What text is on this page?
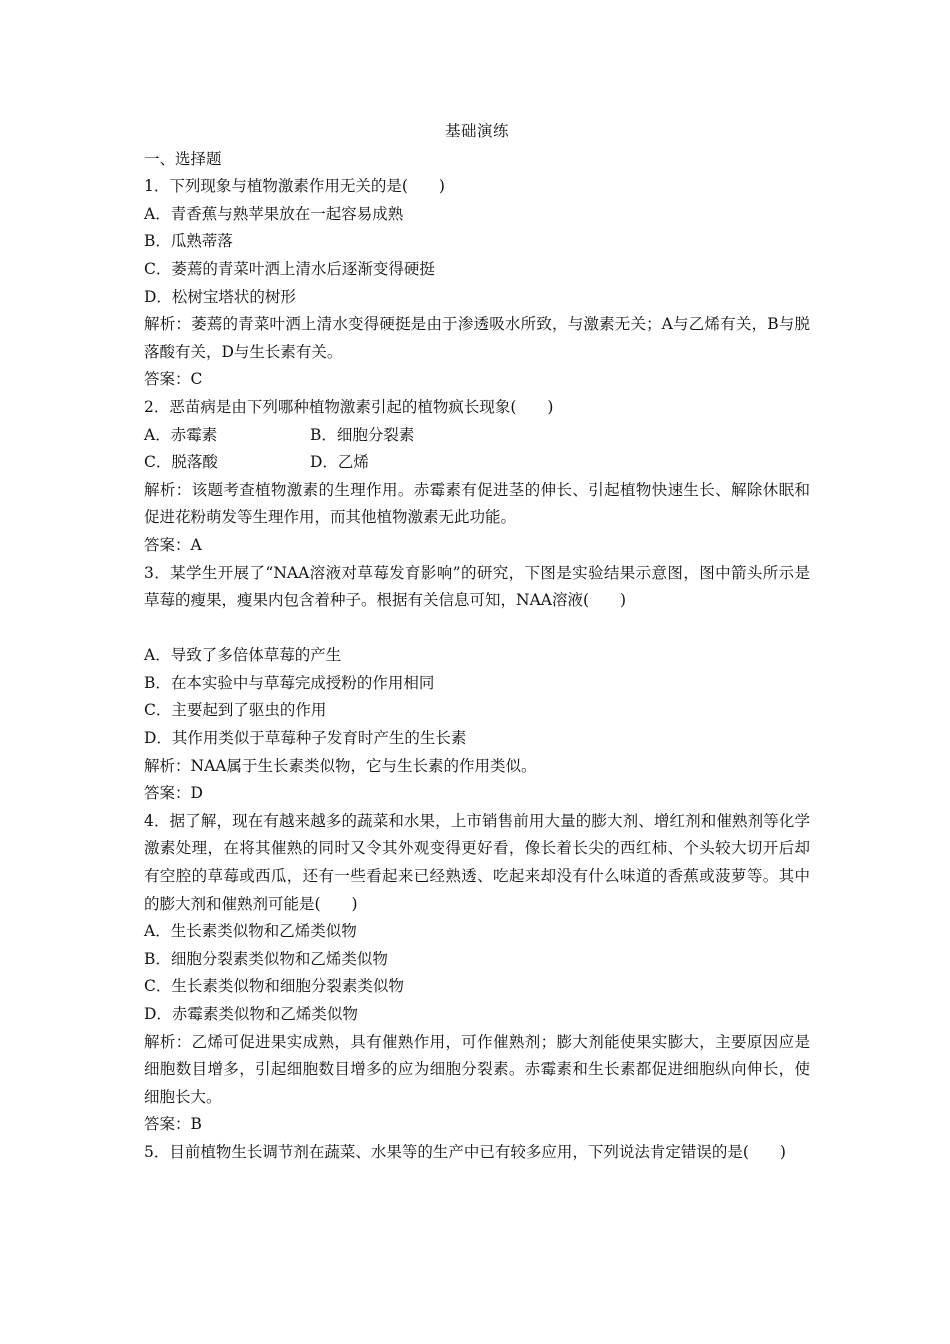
基础演练
一、选择题
1．下列现象与植物激素作用无关的是(　　)
A．青香蕉与熟苹果放在一起容易成熟
B．瓜熟蒂落
C．萎蔫的青菜叶洒上清水后逐渐变得硬挺
D．松树宝塔状的树形
解析：萎蔫的青菜叶洒上清水变得硬挺是由于渗透吸水所致，与激素无关；A与乙烯有关，B与脱落酸有关，D与生长素有关。
答案：C
2．恶苗病是由下列哪种植物激素引起的植物疯长现象(　　)
A．赤霉素	B．细胞分裂素
C．脱落酸	D．乙烯
解析：该题考查植物激素的生理作用。赤霉素有促进茎的伸长、引起植物快速生长、解除休眠和促进花粉萌发等生理作用，而其他植物激素无此功能。
答案：A
3．某学生开展了“NAA溶液对草莓发育影响”的研究，下图是实验结果示意图，图中箭头所示是草莓的瘦果，瘦果内包含着种子。根据有关信息可知，NAA溶液(　　)
A．导致了多倍体草莓的产生
B．在本实验中与草莓完成授粉的作用相同
C．主要起到了驱虫的作用
D．其作用类似于草莓种子发育时产生的生长素
解析：NAA属于生长素类似物，它与生长素的作用类似。
答案：D
4．据了解，现在有越来越多的蔬菜和水果，上市销售前用大量的膨大剂、增红剂和催熟剂等化学激素处理，在将其催熟的同时又令其外观变得更好看，像长着长尖的西红柿、个头较大切开后却有空腔的草莓或西瓜，还有一些看起来已经熟透、吃起来却没有什么味道的香蕉或菠萝等。其中的膨大剂和催熟剂可能是(　　)
A．生长素类似物和乙烯类似物
B．细胞分裂素类似物和乙烯类似物
C．生长素类似物和细胞分裂素类似物
D．赤霉素类似物和乙烯类似物
解析：乙烯可促进果实成熟，具有催熟作用，可作催熟剂；膨大剂能使果实膨大，主要原因应是细胞数目增多，引起细胞数目增多的应为细胞分裂素。赤霉素和生长素都促进细胞纵向伸长，使细胞长大。
答案：B
5．目前植物生长调节剂在蔬菜、水果等的生产中已有较多应用，下列说法肯定错误的是(　　)
